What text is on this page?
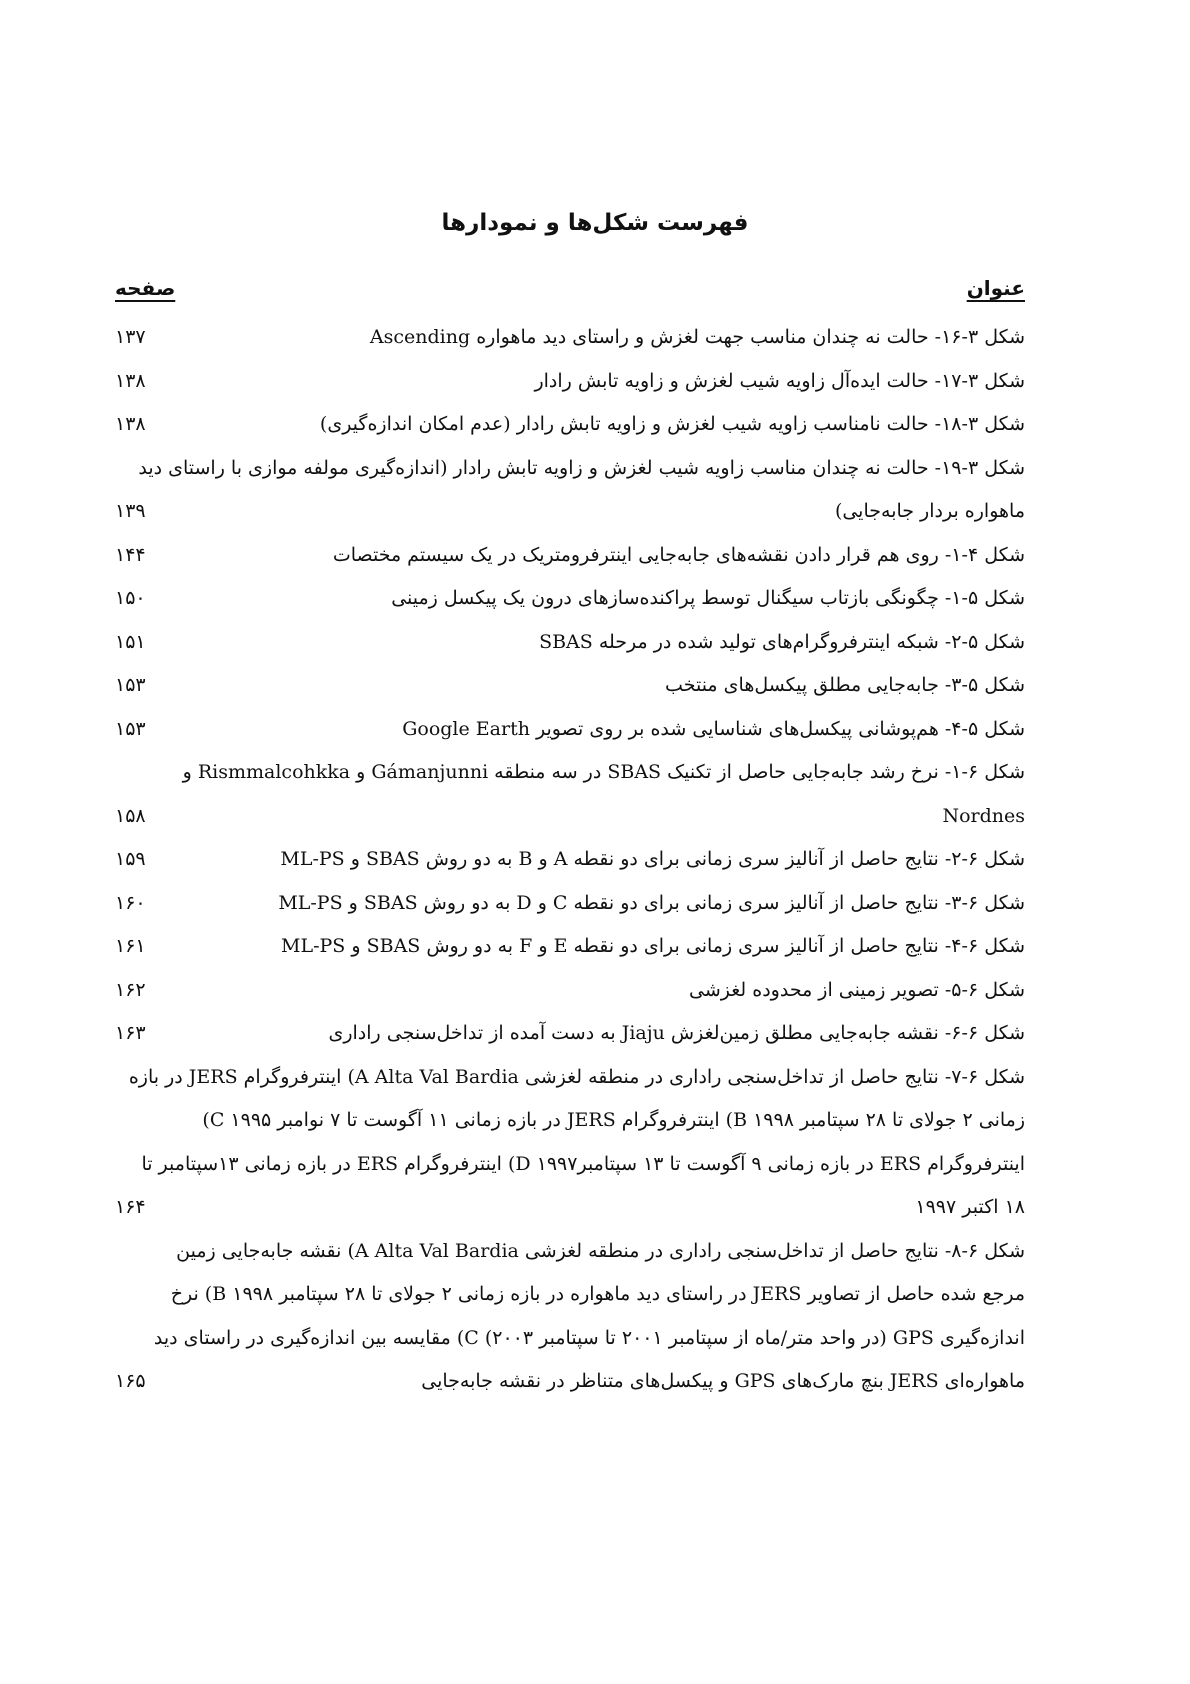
فهرست شکل‌ها و نمودارها
عنوان
صفحه
شکل ۳-۱۶- حالت نه چندان مناسب جهت لغزش و راستای دید ماهواره Ascending
۱۳۷
شکل ۳-۱۷- حالت ایده‌آل زاویه شیب لغزش و زاویه تابش رادار
۱۳۸
شکل ۳-۱۸- حالت نامناسب زاویه شیب لغزش و زاویه تابش رادار (عدم امکان اندازه‌گیری)
۱۳۸
شکل ۳-۱۹- حالت نه چندان مناسب زاویه شیب لغزش و زاویه تابش رادار (اندازه‌گیری مولفه موازی با راستای دید
ماهواره بردار جابه‌جایی)
۱۳۹
شکل ۴-۱- روی هم قرار دادن نقشه‌های جابه‌جایی اینترفرومتریک در یک سیستم مختصات
۱۴۴
شکل ۵-۱- چگونگی بازتاب سیگنال توسط پراکنده‌سازهای درون یک پیکسل زمینی
۱۵۰
شکل ۵-۲- شبکه اینترفروگرام‌های تولید شده در مرحله SBAS
۱۵۱
شکل ۵-۳- جابه‌جایی مطلق پیکسل‌های منتخب
۱۵۳
شکل ۵-۴- هم‌پوشانی پیکسل‌های شناسایی شده بر روی تصویر Google Earth
۱۵۳
شکل ۶-۱- نرخ رشد جابه‌جایی حاصل از تکنیک SBAS در سه منطقه Gámanjunni و Rismmalcohkka و
Nordnes
۱۵۸
شکل ۶-۲- نتایج حاصل از آنالیز سری زمانی برای دو نقطه A و B به دو روش SBAS و ML-PS
۱۵۹
شکل ۶-۳- نتایج حاصل از آنالیز سری زمانی برای دو نقطه C و D به دو روش SBAS و ML-PS
۱۶۰
شکل ۶-۴- نتایج حاصل از آنالیز سری زمانی برای دو نقطه E و F به دو روش SBAS و ML-PS
۱۶۱
شکل ۶-۵- تصویر زمینی از محدوده لغزشی
۱۶۲
شکل ۶-۶- نقشه جابه‌جایی مطلق زمین‌لغزش Jiaju به دست آمده از تداخل‌سنجی راداری
۱۶۳
شکل ۶-۷- نتایج حاصل از تداخل‌سنجی راداری در منطقه لغزشی A Alta Val Bardia) اینترفروگرام JERS در بازه
زمانی ۲ جولای تا ۲۸ سپتامبر ۱۹۹۸ B) اینترفروگرام JERS در بازه زمانی ۱۱ آگوست تا ۷ نوامبر ۱۹۹۵ C)
اینترفروگرام ERS در بازه زمانی ۹ آگوست تا ۱۳ سپتامبر۱۹۹۷ D) اینترفروگرام ERS در بازه زمانی ۱۳سپتامبر تا
۱۸ اکتبر ۱۹۹۷
۱۶۴
شکل ۶-۸- نتایج حاصل از تداخل‌سنجی راداری در منطقه لغزشی A Alta Val Bardia) نقشه جابه‌جایی زمین
مرجع شده حاصل از تصاویر JERS در راستای دید ماهواره در بازه زمانی ۲ جولای تا ۲۸ سپتامبر ۱۹۹۸ B) نرخ
اندازه‌گیری GPS (در واحد متر/ماه از سپتامبر ۲۰۰۱ تا سپتامبر ۲۰۰۳) C) مقایسه بین اندازه‌گیری در راستای دید
ماهواره‌ای JERS بنچ مارک‌های GPS و پیکسل‌های متناظر در نقشه جابه‌جایی
۱۶۵
